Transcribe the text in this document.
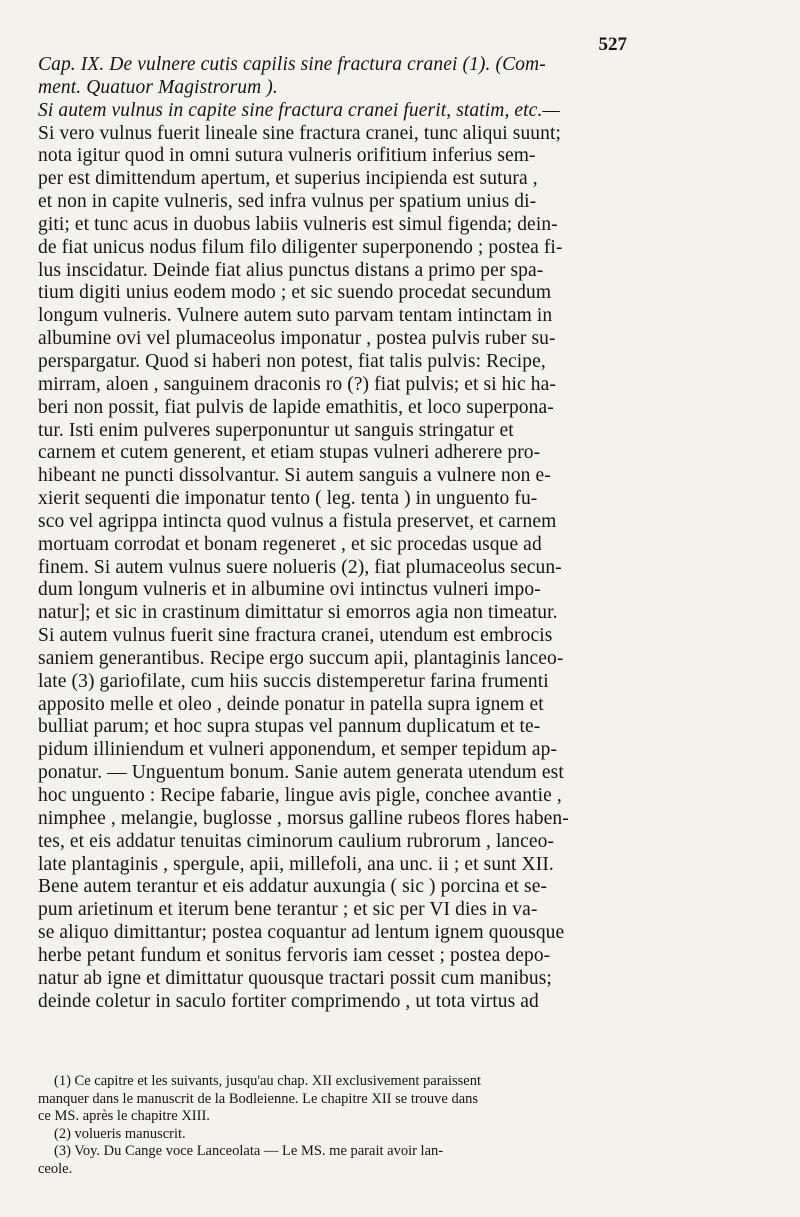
527
Cap. IX. De vulnere cutis capilis sine fractura cranei (1). (Com-
ment. Quatuor Magistrorum ).
Si autem vulnus in capite sine fractura cranei fuerit, statim, etc.—
Si vero vulnus fuerit lineale sine fractura cranei, tunc aliqui suunt;
nota igitur quod in omni sutura vulneris orifitium inferius sem-
per est dimittendum apertum, et superius incipienda est sutura ,
et non in capite vulneris, sed infra vulnus per spatium unius di-
giti; et tunc acus in duobus labiis vulneris est simul figenda; dein-
de fiat unicus nodus filum filo diligenter superponendo ; postea fi-
lus inscidatur. Deinde fiat alius punctus distans a primo per spa-
tium digiti unius eodem modo ; et sic suendo procedat secundum
longum vulneris. Vulnere autem suto parvam tentam intinctam in
albumine ovi vel plumaceolus imponatur , postea pulvis ruber su-
perspargatur. Quod si haberi non potest, fiat talis pulvis: Recipe,
mirram, aloen , sanguinem draconis ro (?) fiat pulvis; et si hic ha-
beri non possit, fiat pulvis de lapide emathitis, et loco superpona-
tur. Isti enim pulveres superponuntur ut sanguis stringatur et
carnem et cutem generent, et etiam stupas vulneri adherere pro-
hibeant ne puncti dissolvantur. Si autem sanguis a vulnere non e-
xierit sequenti die imponatur tento ( leg. tenta ) in unguento fu-
sco vel agrippa intincta quod vulnus a fistula preservet, et carnem
mortuam corrodat et bonam regeneret , et sic procedas usque ad
finem. Si autem vulnus suere nolueris (2), fiat plumaceolus secun-
dum longum vulneris et in albumine ovi intinctus vulneri impo-
natur]; et sic in crastinum dimittatur si emorros agia non timeatur.
Si autem vulnus fuerit sine fractura cranei, utendum est embrocis
saniem generantibus. Recipe ergo succum apii, plantaginis lanceo-
late (3) gariofilate, cum hiis succis distemperetur farina frumenti
apposito melle et oleo , deinde ponatur in patella supra ignem et
bulliat parum; et hoc supra stupas vel pannum duplicatum et te-
pidum illiniendum et vulneri apponendum, et semper tepidum ap-
ponatur. — Unguentum bonum. Sanie autem generata utendum est
hoc unguento : Recipe fabarie, lingue avis pigle, conchee avantie ,
nimphee , melangie, buglosse , morsus galline rubeos flores haben-
tes, et eis addatur tenuitas ciminorum caulium rubrorum , lanceo-
late plantaginis , spergule, apii, millefoli, ana unc. ii ; et sunt XII.
Bene autem terantur et eis addatur auxungia ( sic ) porcina et se-
pum arietinum et iterum bene terantur ; et sic per VI dies in va-
se aliquo dimittantur; postea coquantur ad lentum ignem quousque
herbe petant fundum et sonitus fervoris iam cesset ; postea depo-
natur ab igne et dimittatur quousque tractari possit cum manibus;
deinde coletur in saculo fortiter comprimendo , ut tota virtus ad
(1) Ce capitre et les suivants, jusqu'au chap. XII exclusivement paraissent
manquer dans le manuscrit de la Bodleienne. Le chapitre XII se trouve dans
ce MS. après le chapitre XIII.
(2) volueris manuscrit.
(3) Voy. Du Cange voce Lanceolata — Le MS. me parait avoir lan-
ceole.
